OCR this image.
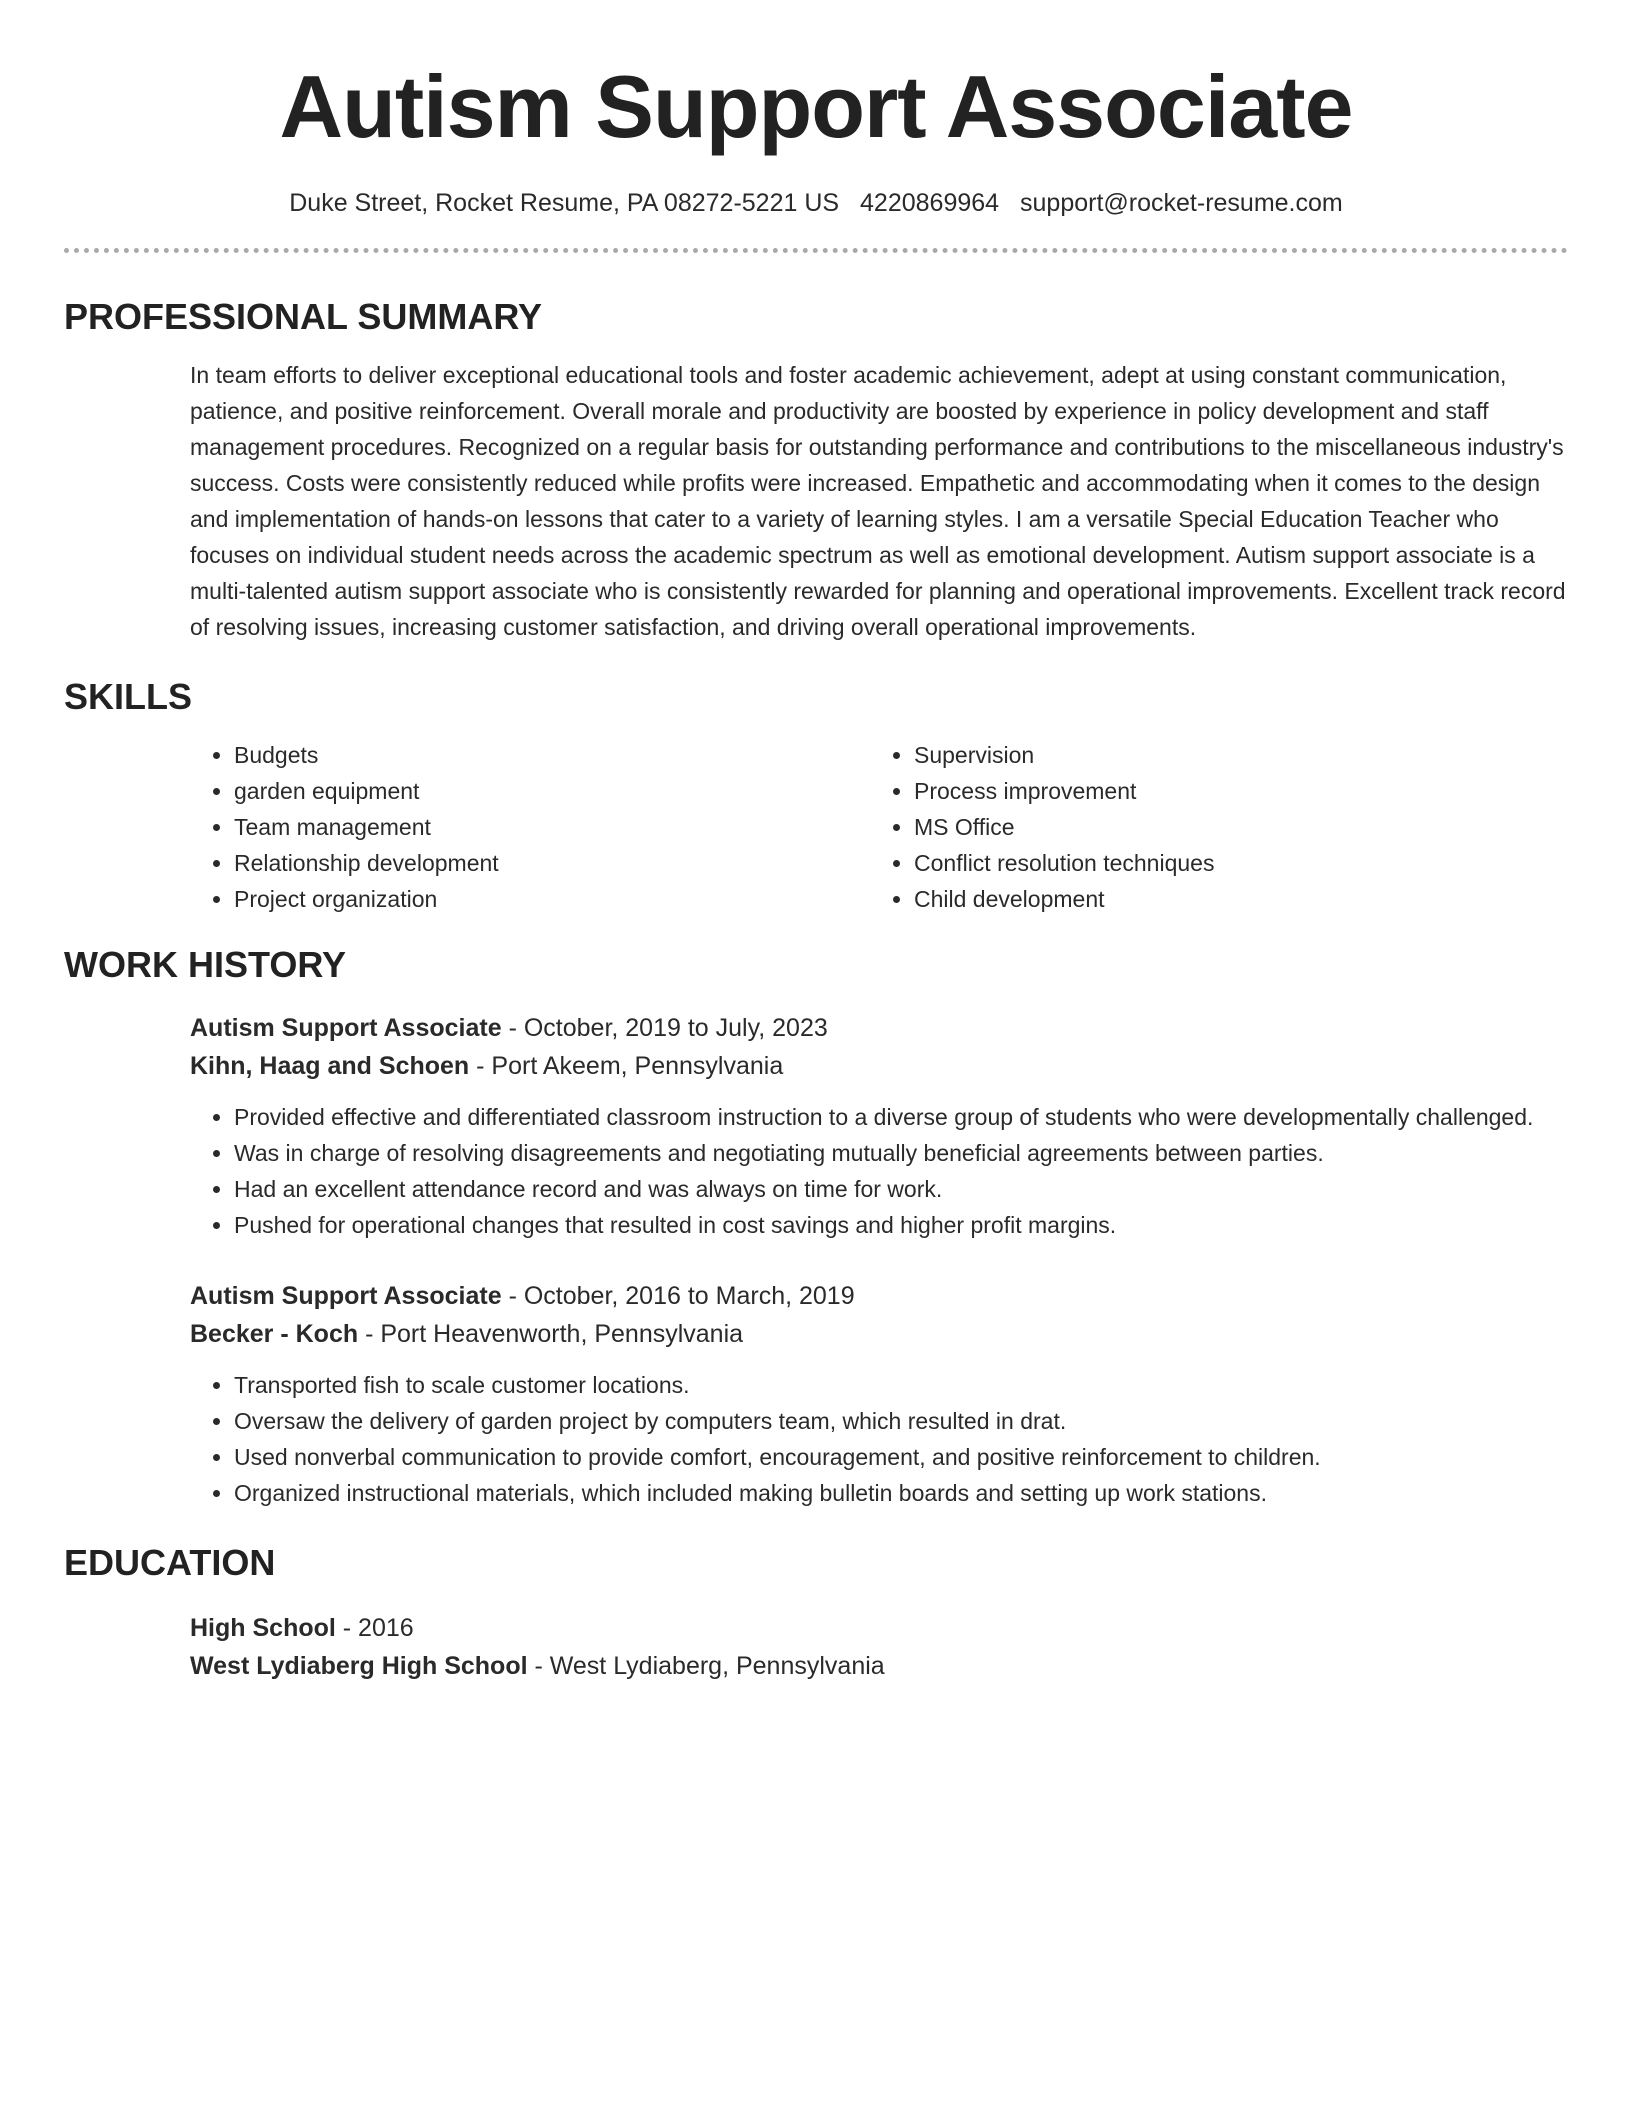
Autism Support Associate
Duke Street, Rocket Resume, PA 08272-5221 US 4220869964 support@rocket-resume.com
PROFESSIONAL SUMMARY
In team efforts to deliver exceptional educational tools and foster academic achievement, adept at using constant communication, patience, and positive reinforcement. Overall morale and productivity are boosted by experience in policy development and staff management procedures. Recognized on a regular basis for outstanding performance and contributions to the miscellaneous industry's success. Costs were consistently reduced while profits were increased. Empathetic and accommodating when it comes to the design and implementation of hands-on lessons that cater to a variety of learning styles. I am a versatile Special Education Teacher who focuses on individual student needs across the academic spectrum as well as emotional development. Autism support associate is a multi-talented autism support associate who is consistently rewarded for planning and operational improvements. Excellent track record of resolving issues, increasing customer satisfaction, and driving overall operational improvements.
SKILLS
• Budgets
• garden equipment
• Team management
• Relationship development
• Project organization
• Supervision
• Process improvement
• MS Office
• Conflict resolution techniques
• Child development
WORK HISTORY
Autism Support Associate - October, 2019 to July, 2023
Kihn, Haag and Schoen - Port Akeem, Pennsylvania
• Provided effective and differentiated classroom instruction to a diverse group of students who were developmentally challenged.
• Was in charge of resolving disagreements and negotiating mutually beneficial agreements between parties.
• Had an excellent attendance record and was always on time for work.
• Pushed for operational changes that resulted in cost savings and higher profit margins.
Autism Support Associate - October, 2016 to March, 2019
Becker - Koch - Port Heavenworth, Pennsylvania
• Transported fish to scale customer locations.
• Oversaw the delivery of garden project by computers team, which resulted in drat.
• Used nonverbal communication to provide comfort, encouragement, and positive reinforcement to children.
• Organized instructional materials, which included making bulletin boards and setting up work stations.
EDUCATION
High School - 2016
West Lydiaberg High School - West Lydiaberg, Pennsylvania
